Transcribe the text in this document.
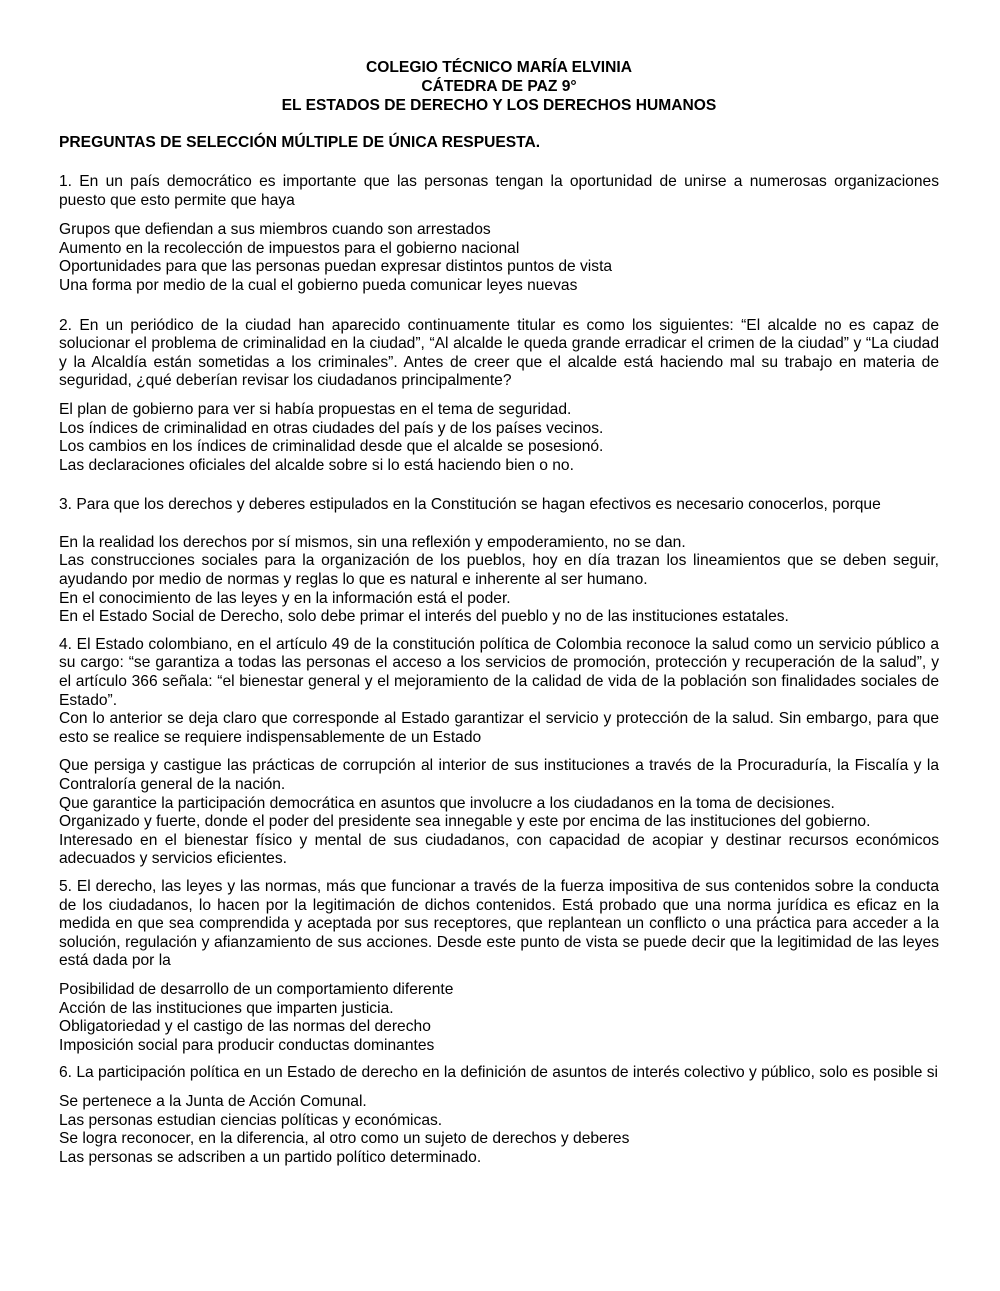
COLEGIO TÉCNICO MARÍA ELVINIA
CÁTEDRA DE PAZ 9°
EL ESTADOS DE DERECHO Y LOS DERECHOS HUMANOS
PREGUNTAS DE SELECCIÓN MÚLTIPLE DE ÚNICA RESPUESTA.
1. En un país democrático es importante que las personas tengan la oportunidad de unirse a numerosas organizaciones puesto que esto permite que haya
Grupos que defiendan a sus miembros cuando son arrestados
Aumento en la recolección de impuestos para el gobierno nacional
Oportunidades para que las personas puedan expresar distintos puntos de vista
Una forma por medio de la cual el gobierno pueda comunicar leyes nuevas
2. En un periódico de la ciudad han aparecido continuamente titular es como los siguientes: “El alcalde no es capaz de solucionar el problema de criminalidad en la ciudad”, “Al alcalde le queda grande erradicar el crimen de la ciudad” y “La ciudad y la Alcaldía están sometidas a los criminales”. Antes de creer que el alcalde está haciendo mal su trabajo en materia de seguridad, ¿qué deberían revisar los ciudadanos principalmente?
El plan de gobierno para ver si había propuestas en el tema de seguridad.
Los índices de criminalidad en otras ciudades del país y de los países vecinos.
Los cambios en los índices de criminalidad desde que el alcalde se posesionó.
Las declaraciones oficiales del alcalde sobre si lo está haciendo bien o no.
3. Para que los derechos y deberes estipulados en la Constitución se hagan efectivos es necesario conocerlos, porque
En la realidad los derechos por sí mismos, sin una reflexión y empoderamiento, no se dan.
Las construcciones sociales para la organización de los pueblos, hoy en día trazan los lineamientos que se deben seguir, ayudando por medio de normas y reglas lo que es natural e inherente al ser humano.
En el conocimiento de las leyes y en la información está el poder.
En el Estado Social de Derecho, solo debe primar el interés del pueblo y no de las instituciones estatales.
4. El Estado colombiano, en el artículo 49 de la constitución política de Colombia reconoce la salud como un servicio público a su cargo: “se garantiza a todas las personas el acceso a los servicios de promoción, protección y recuperación de la salud”, y el artículo 366 señala: “el bienestar general y el mejoramiento de la calidad de vida de la población son finalidades sociales de Estado”.
Con lo anterior se deja claro que corresponde al Estado garantizar el servicio y protección de la salud. Sin embargo, para que esto se realice se requiere indispensablemente de un Estado
Que persiga y castigue las prácticas de corrupción al interior de sus instituciones a través de la Procuraduría, la Fiscalía y la Contraloría general de la nación.
Que garantice la participación democrática en asuntos que involucre a los ciudadanos en la toma de decisiones.
Organizado y fuerte, donde el poder del presidente sea innegable y este por encima de las instituciones del gobierno.
Interesado en el bienestar físico y mental de sus ciudadanos, con capacidad de acopiar y destinar recursos económicos adecuados y servicios eficientes.
5. El derecho, las leyes y las normas, más que funcionar a través de la fuerza impositiva de sus contenidos sobre la conducta de los ciudadanos, lo hacen por la legitimación de dichos contenidos. Está probado que una norma jurídica es eficaz en la medida en que sea comprendida y aceptada por sus receptores, que replantean un conflicto o una práctica para acceder a la solución, regulación y afianzamiento de sus acciones. Desde este punto de vista se puede decir que la legitimidad de las leyes está dada por la
Posibilidad de desarrollo de un comportamiento diferente
Acción de las instituciones que imparten justicia.
Obligatoriedad y el castigo de las normas del derecho
Imposición social para producir conductas dominantes
6. La participación política en un Estado de derecho en la definición de asuntos de interés colectivo y público, solo es posible si
Se pertenece a la Junta de Acción Comunal.
Las personas estudian ciencias políticas y económicas.
Se logra reconocer, en la diferencia, al otro como un sujeto de derechos y deberes
Las personas se adscriben a un partido político determinado.
